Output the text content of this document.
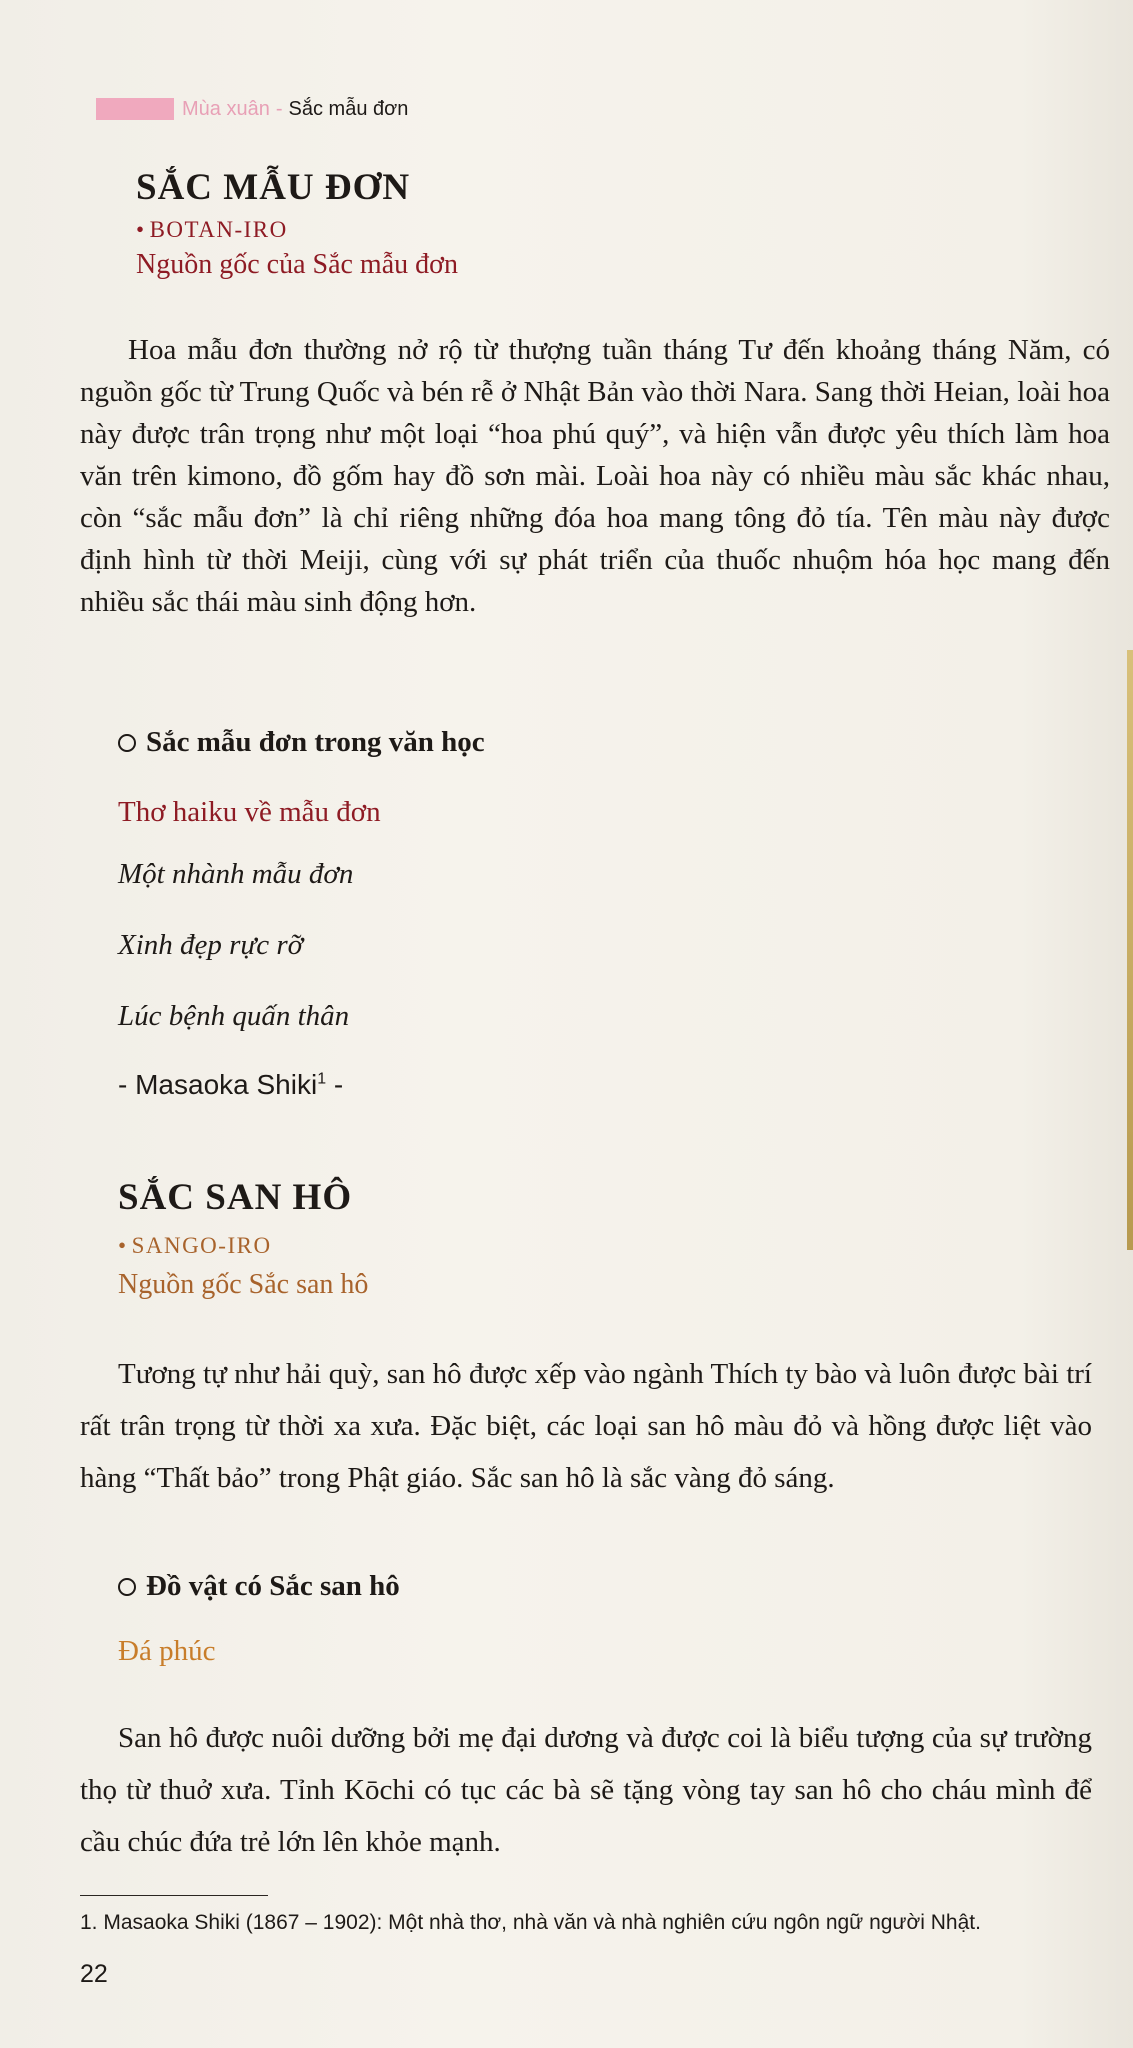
Mùa xuân - Sắc mẫu đơn
SẮC MẪU ĐƠN
• BOTAN-IRO
Nguồn gốc của Sắc mẫu đơn

Hoa mẫu đơn thường nở rộ từ thượng tuần tháng Tư đến khoảng tháng Năm, có nguồn gốc từ Trung Quốc và bén rễ ở Nhật Bản vào thời Nara. Sang thời Heian, loài hoa này được trân trọng như một loại “hoa phú quý”, và hiện vẫn được yêu thích làm hoa văn trên kimono, đồ gốm hay đồ sơn mài. Loài hoa này có nhiều màu sắc khác nhau, còn “sắc mẫu đơn” là chỉ riêng những đóa hoa mang tông đỏ tía. Tên màu này được định hình từ thời Meiji, cùng với sự phát triển của thuốc nhuộm hóa học mang đến nhiều sắc thái màu sinh động hơn.

Sắc mẫu đơn trong văn học
Thơ haiku về mẫu đơn
Một nhành mẫu đơn
Xinh đẹp rực rỡ
Lúc bệnh quấn thân
- Masaoka Shiki$^1$ -
SẮC SAN HÔ
• SANGO-IRO
Nguồn gốc Sắc san hô

Tương tự như hải quỳ, san hô được xếp vào ngành Thích ty bào và luôn được bài trí rất trân trọng từ thời xa xưa. Đặc biệt, các loại san hô màu đỏ và hồng được liệt vào hàng “Thất bảo” trong Phật giáo. Sắc san hô là sắc vàng đỏ sáng.

Đồ vật có Sắc san hô
Đá phúc

San hô được nuôi dưỡng bởi mẹ đại dương và được coi là biểu tượng của sự trường thọ từ thuở xưa. Tỉnh Kōchi có tục các bà sẽ tặng vòng tay san hô cho cháu mình để cầu chúc đứa trẻ lớn lên khỏe mạnh.

1. Masaoka Shiki (1867 – 1902): Một nhà thơ, nhà văn và nhà nghiên cứu ngôn ngữ người Nhật.
22
